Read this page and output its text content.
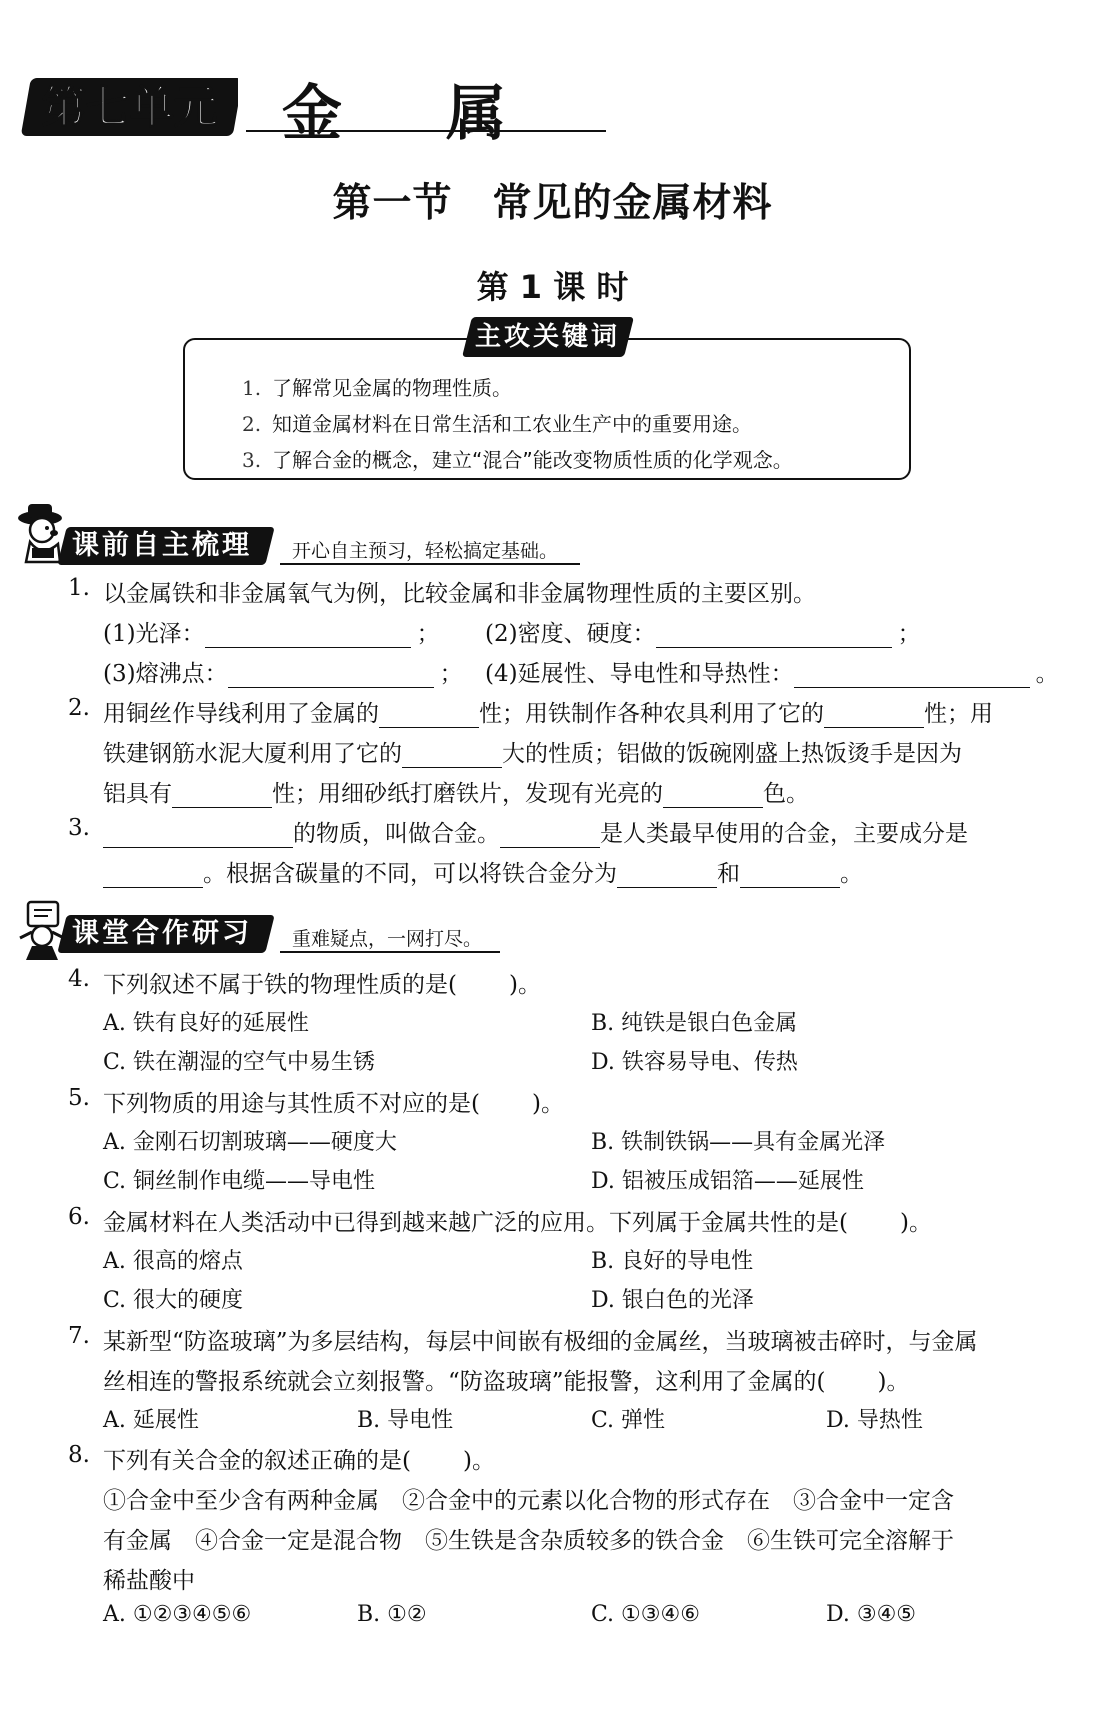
第七单元 金属
第一节　常见的金属材料
第 1 课 时
主攻关键词
1. 了解常见金属的物理性质。
2. 知道金属材料在日常生活和工农业生产中的重要用途。
3. 了解合金的概念，建立“混合”能改变物质性质的化学观念。
课前自主梳理	开心自主预习，轻松搞定基础。
1. 以金属铁和非金属氧气为例，比较金属和非金属物理性质的主要区别。
(1)光泽：	； (2)密度、硬度：	；
(3)熔沸点：	； (4)延展性、导电性和导热性：	。
2. 用铜丝作导线利用了金属的	性；用铁制作各种农具利用了它的	性；用
铁建钢筋水泥大厦利用了它的	大的性质；铝做的饭碗刚盛上热饭烫手是因为
铝具有	性；用细砂纸打磨铁片，发现有光亮的	色。
3.	的物质，叫做合金。	是人类最早使用的合金，主要成分是
。根据含碳量的不同，可以将铁合金分为	和	。
课堂合作研习	重难疑点，一网打尽。
4. 下列叙述不属于铁的物理性质的是( )。
A. 铁有良好的延展性	B. 纯铁是银白色金属
C. 铁在潮湿的空气中易生锈	D. 铁容易导电、传热
5. 下列物质的用途与其性质不对应的是( )。
A. 金刚石切割玻璃——硬度大	B. 铁制铁锅——具有金属光泽
C. 铜丝制作电缆——导电性	D. 铝被压成铝箔——延展性
6. 金属材料在人类活动中已得到越来越广泛的应用。下列属于金属共性的是( )。
A. 很高的熔点	B. 良好的导电性
C. 很大的硬度	D. 银白色的光泽
7. 某新型“防盗玻璃”为多层结构，每层中间嵌有极细的金属丝，当玻璃被击碎时，与金属
丝相连的警报系统就会立刻报警。“防盗玻璃”能报警，这利用了金属的( )。
A. 延展性	B. 导电性	C. 弹性	D. 导热性
8. 下列有关合金的叙述正确的是( )。
①合金中至少含有两种金属　②合金中的元素以化合物的形式存在　③合金中一定含
有金属　④合金一定是混合物　⑤生铁是含杂质较多的铁合金　⑥生铁可完全溶解于
稀盐酸中
A. ①②③④⑤⑥	B. ①②	C. ①③④⑥	D. ③④⑤
